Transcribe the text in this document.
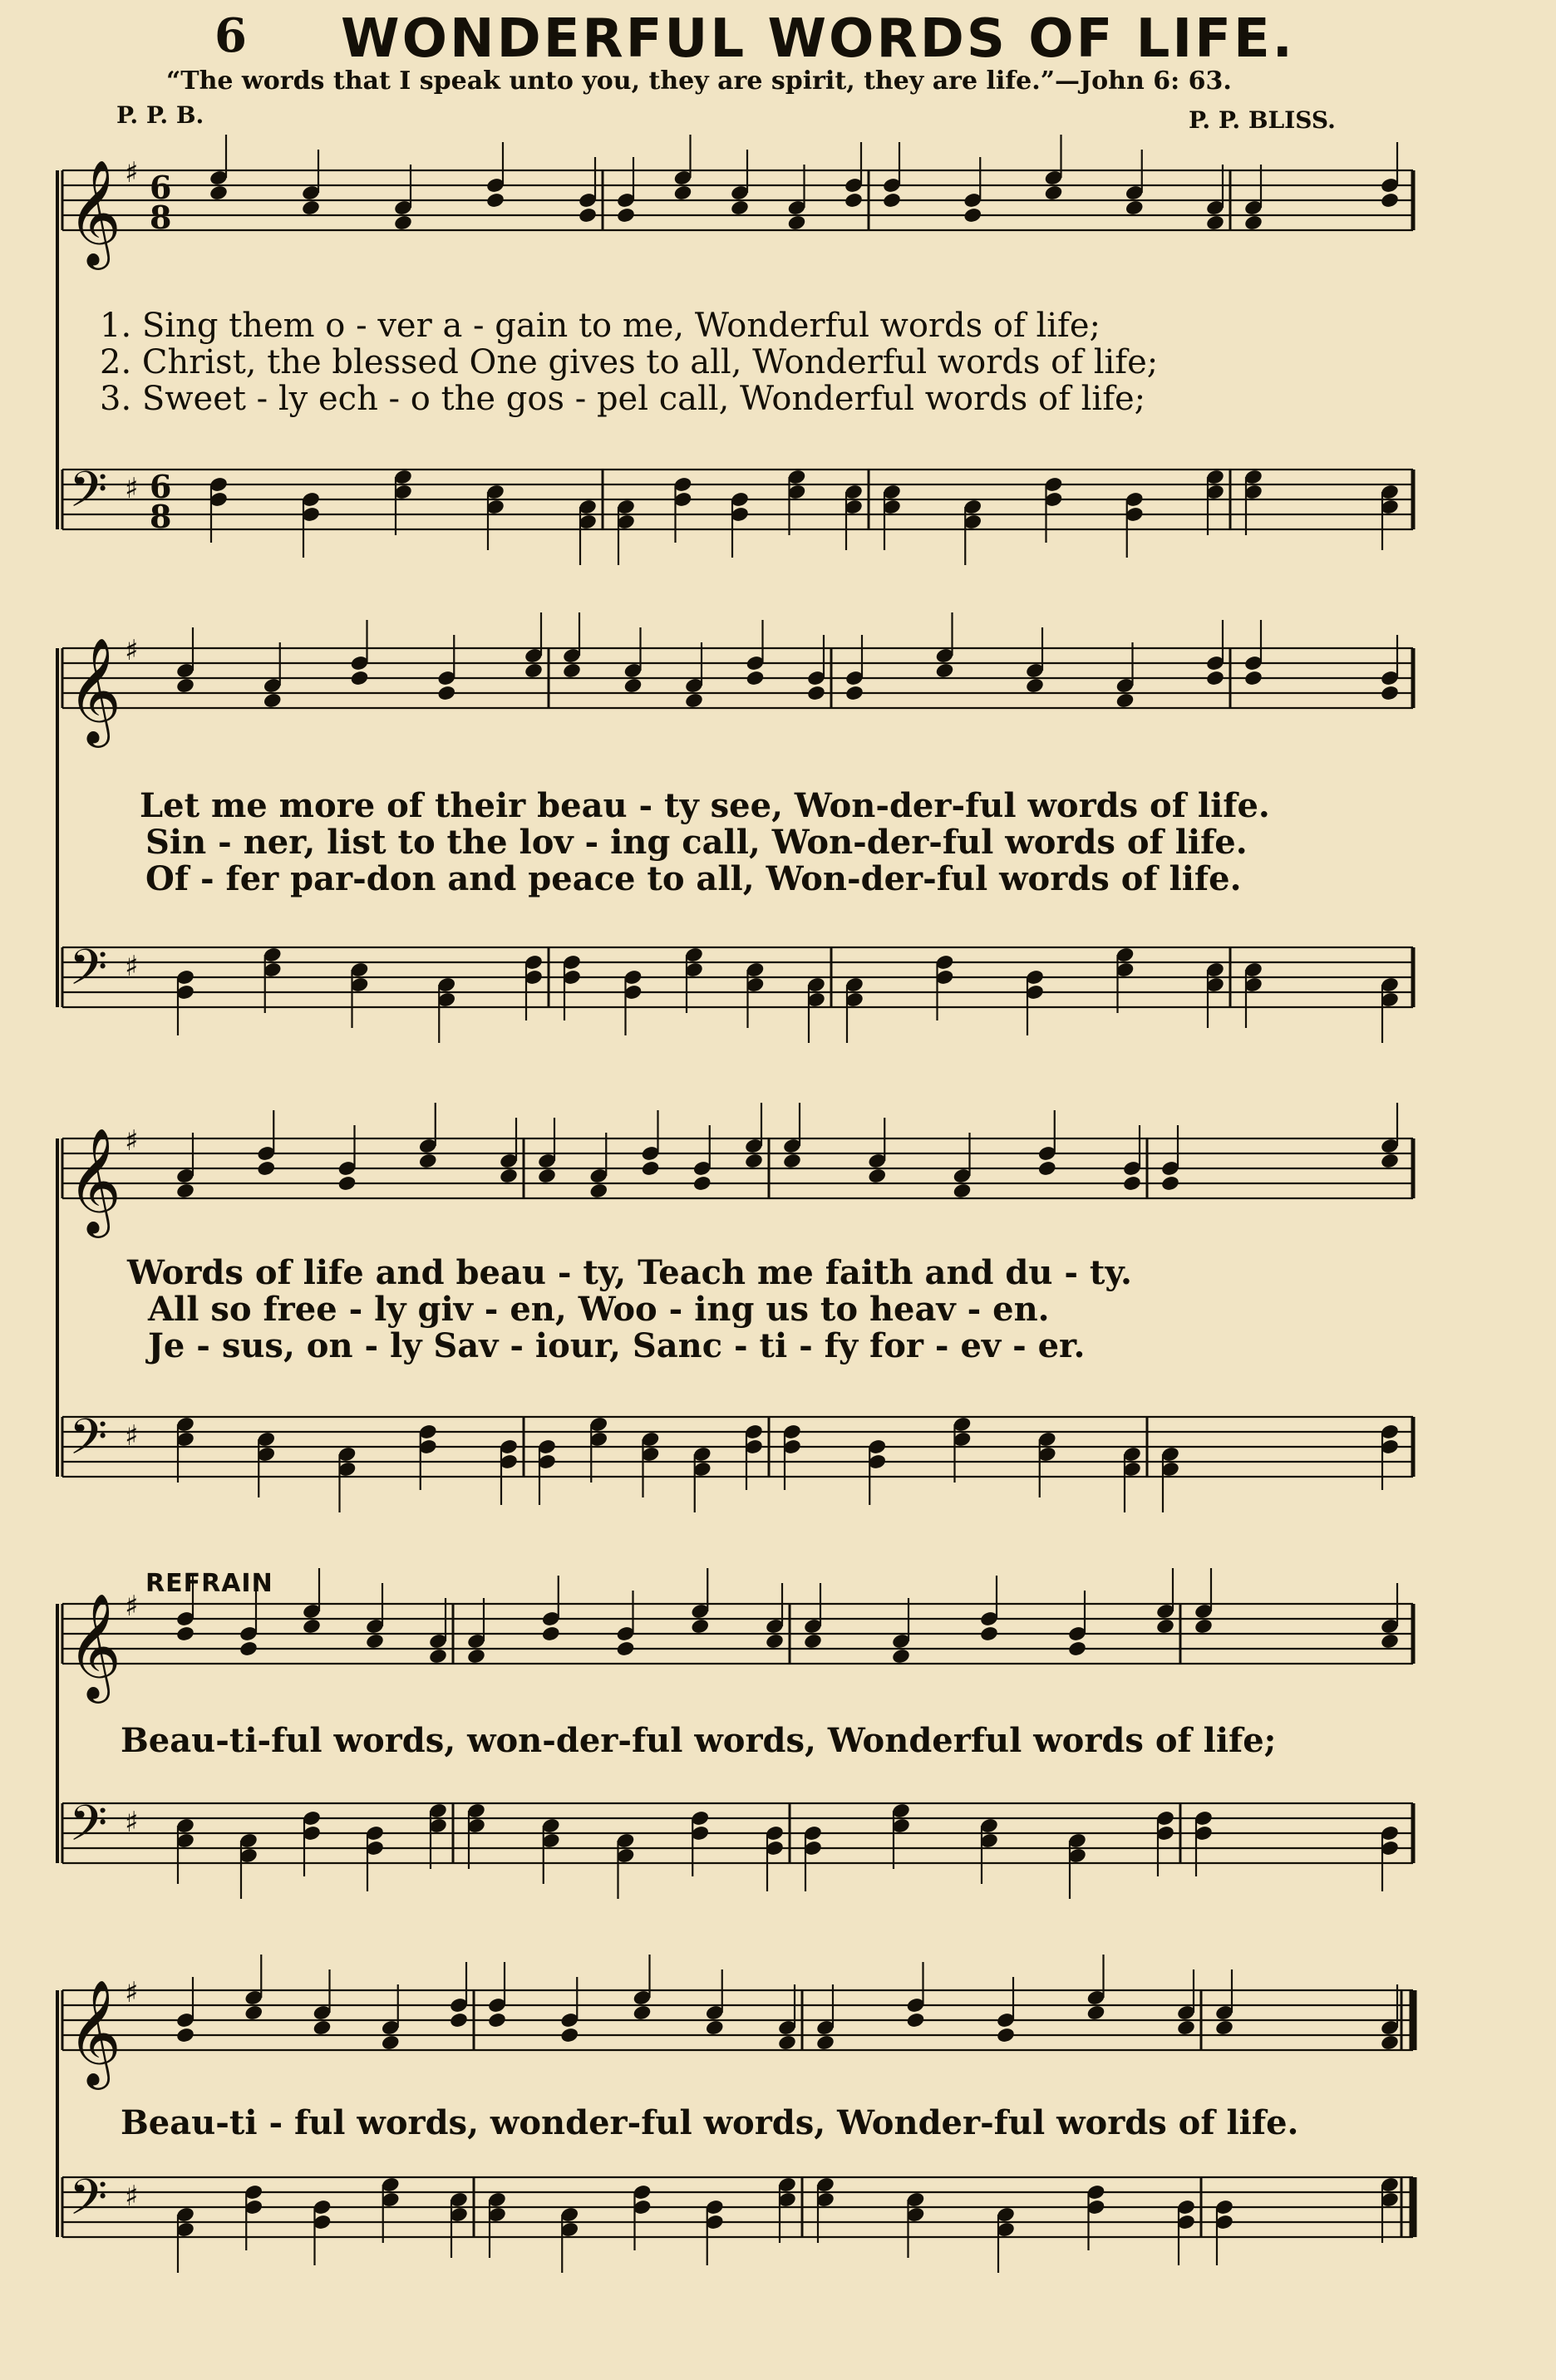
6 WONDERFUL WORDS OF LIFE.
“The words that I speak unto you, they are spirit, they are life.”—John 6: 63.
P. P. B.	P. P. BLISS.
𝄞 ♯ 6
8
1. Sing them o - ver a - gain to me, Wonderful words of life;
2. Christ, the blessed One gives to all, Wonderful words of life;
3. Sweet - ly ech - o the gos - pel call, Wonderful words of life;
𝄢 ♯ 6
8
𝄞 ♯
Let me more of their beau - ty see, Won-der-ful words of life.
Sin - ner, list to the lov - ing call, Won-der-ful words of life.
Of - fer par-don and peace to all, Won-der-ful words of life.
𝄢 ♯
𝄞 ♯
Words of life and beau - ty, Teach me faith and du - ty.
All so free - ly giv - en, Woo - ing us to heav - en.
Je - sus, on - ly Sav - iour, Sanc - ti - fy for - ev - er.
𝄢 ♯
REFRAIN
𝄞 ♯
Beau-ti-ful words, won-der-ful words, Wonderful words of life;
𝄢 ♯
𝄞 ♯
Beau-ti - ful words, wonder-ful words, Wonder-ful words of life.
𝄢 ♯
